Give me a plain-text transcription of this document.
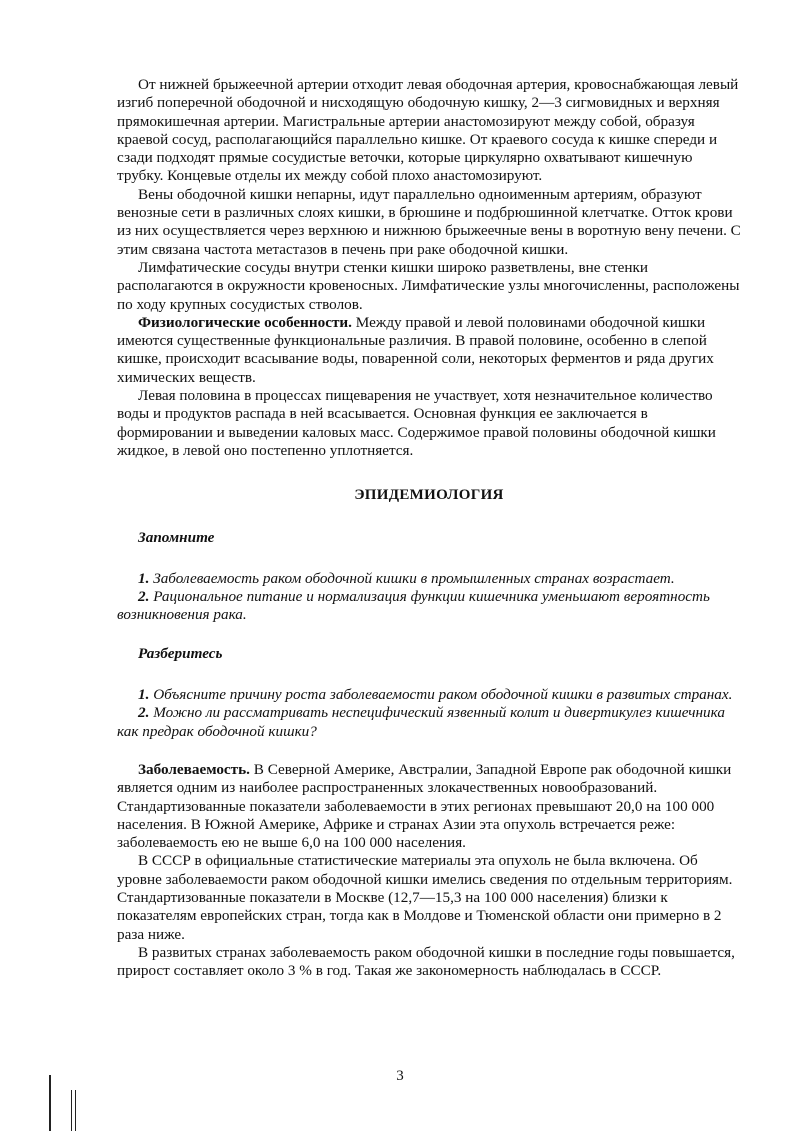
От нижней брыжеечной артерии отходит левая ободочная артерия, кровоснабжающая левый изгиб поперечной ободочной и нисходящую ободочную кишку, 2—3 сигмовидных и верхняя прямокишечная артерии. Магистральные артерии анастомозируют между собой, образуя краевой сосуд, располагающийся параллельно кишке. От краевого сосуда к кишке спереди и сзади подходят прямые сосудистые веточки, которые циркулярно охватывают кишечную трубку. Концевые отделы их между собой плохо анастомозируют.

Вены ободочной кишки непарны, идут параллельно одноименным артериям, образуют венозные сети в различных слоях кишки, в брюшине и подбрюшинной клетчатке. Отток крови из них осуществляется через верхнюю и нижнюю брыжеечные вены в воротную вену печени. С этим связана частота метастазов в печень при раке ободочной кишки.

Лимфатические сосуды внутри стенки кишки широко разветвлены, вне стенки располагаются в окружности кровеносных. Лимфатические узлы многочисленны, расположены по ходу крупных сосудистых стволов.

Физиологические особенности. Между правой и левой половинами ободочной кишки имеются существенные функциональные различия. В правой половине, особенно в слепой кишке, происходит всасывание воды, поваренной соли, некоторых ферментов и ряда других химических веществ.

Левая половина в процессах пищеварения не участвует, хотя незначительное количество воды и продуктов распада в ней всасывается. Основная функция ее заключается в формировании и выведении каловых масс. Содержимое правой половины ободочной кишки жидкое, в левой оно постепенно уплотняется.

ЭПИДЕМИОЛОГИЯ

Запомните

1. Заболеваемость раком ободочной кишки в промышленных странах возрастает.

2. Рациональное питание и нормализация функции кишечника уменьшают вероятность возникновения рака.

Разберитесь

1. Объясните причину роста заболеваемости раком ободочной кишки в развитых странах.

2. Можно ли рассматривать неспецифический язвенный колит и дивертикулез кишечника как предрак ободочной кишки?

Заболеваемость. В Северной Америке, Австралии, Западной Европе рак ободочной кишки является одним из наиболее распространенных злокачественных новообразований. Стандартизованные показатели заболеваемости в этих регионах превышают 20,0 на 100 000 населения. В Южной Америке, Африке и странах Азии эта опухоль встречается реже: заболеваемость ею не выше 6,0 на 100 000 населения.

В СССР в официальные статистические материалы эта опухоль не была включена. Об уровне заболеваемости раком ободочной кишки имелись сведения по отдельным территориям. Стандартизованные показатели в Москве (12,7—15,3 на 100 000 населения) близки к показателям европейских стран, тогда как в Молдове и Тюменской области они примерно в 2 раза ниже.

В развитых странах заболеваемость раком ободочной кишки в последние годы повышается, прирост составляет около 3 % в год. Такая же закономерность наблюдалась в СССР.

3
